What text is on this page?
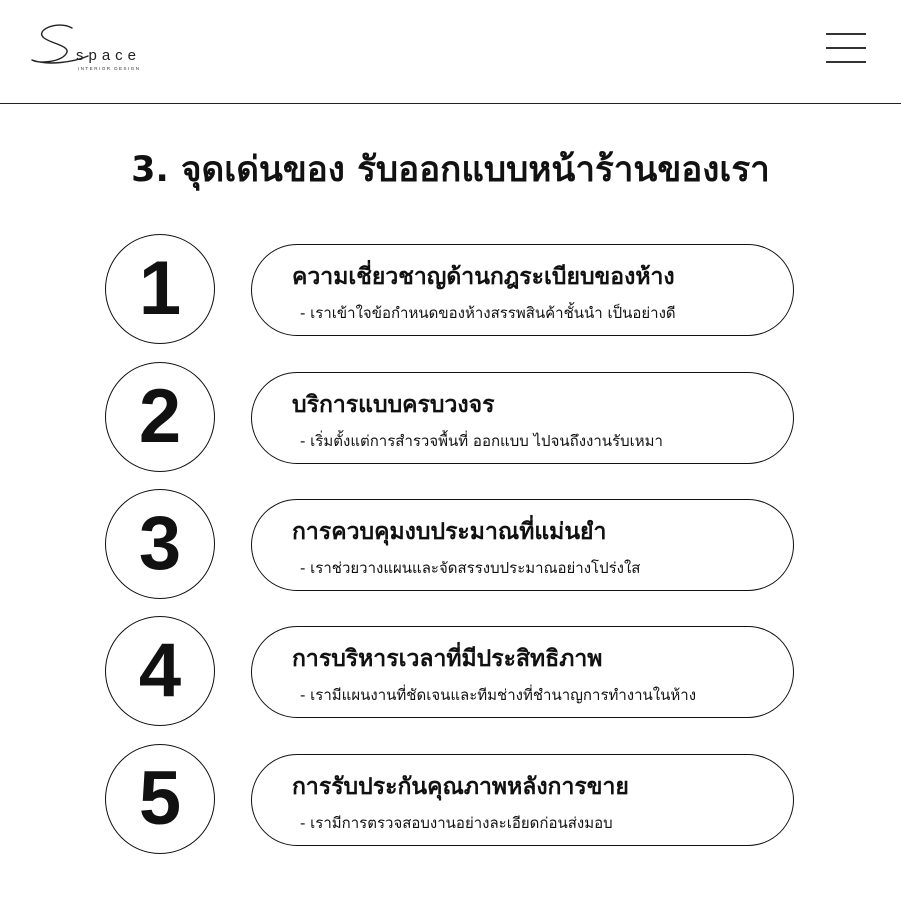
space
INTERIOR DESIGN
3. จุดเด่นของ รับออกแบบหน้าร้านของเรา
1	ความเชี่ยวชาญด้านกฎระเบียบของห้าง
- เราเข้าใจข้อกำหนดของห้างสรรพสินค้าชั้นนำ เป็นอย่างดี
2	บริการแบบครบวงจร
- เริ่มตั้งแต่การสำรวจพื้นที่ ออกแบบ ไปจนถึงงานรับเหมา
3	การควบคุมงบประมาณที่แม่นยำ
- เราช่วยวางแผนและจัดสรรงบประมาณอย่างโปร่งใส
4	การบริหารเวลาที่มีประสิทธิภาพ
- เรามีแผนงานที่ชัดเจนและทีมช่างที่ชำนาญการทำงานในห้าง
5	การรับประกันคุณภาพหลังการขาย
- เรามีการตรวจสอบงานอย่างละเอียดก่อนส่งมอบ
